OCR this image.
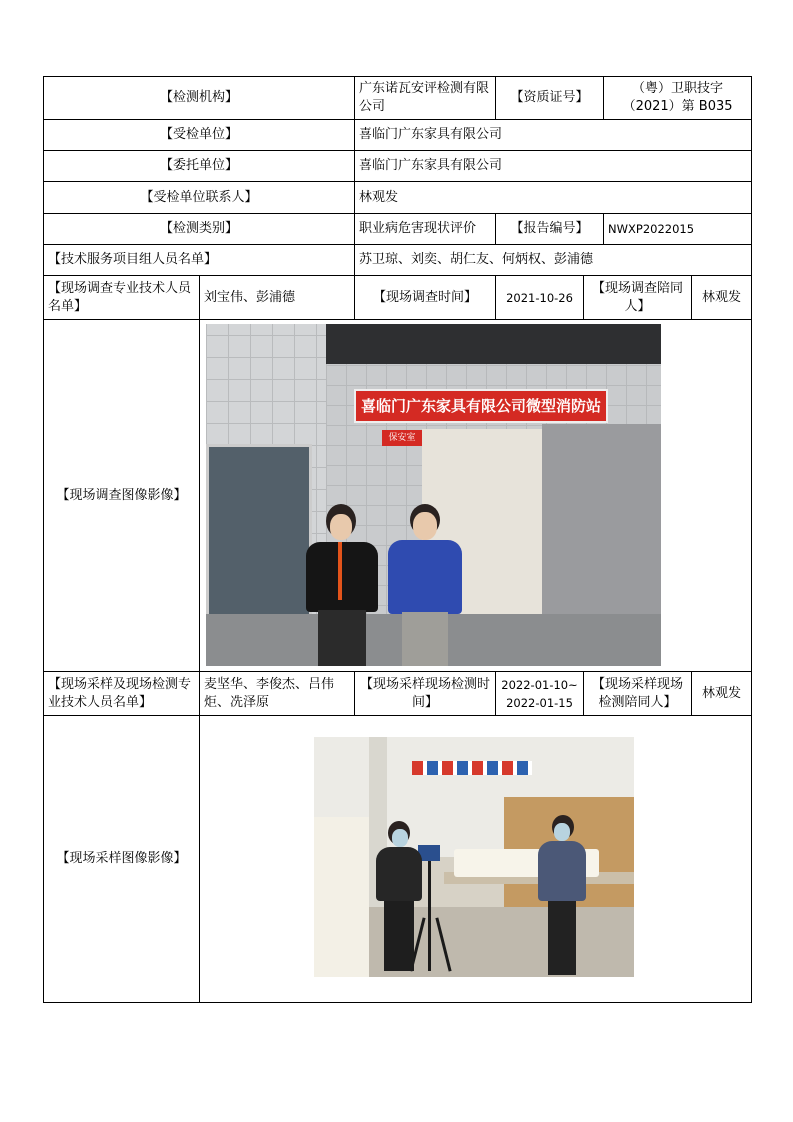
【检测机构】		广东诺瓦安评检测有限公司	【资质证号】		（粤）卫职技字（2021）第 B035	
【受检单位】		喜临门广东家具有限公司				
【委托单位】		喜临门广东家具有限公司				
【受检单位联系人】		林观发				
【检测类别】		职业病危害现状评价	【报告编号】		NWXP2022015	
【技术服务项目组人员名单】		苏卫琼、刘奕、胡仁友、何炳权、彭浦德				
【现场调查专业技术人员名单】	刘宝伟、彭浦德	【现场调查时间】	2021-10-26	【现场调查陪同人】		林观发
【现场调查图像影像】	喜临门广东家具有限公司微型消防站
保安室					

【现场采样及现场检测专业技术人员名单】	麦坚华、李俊杰、吕伟炬、冼泽原	【现场采样现场检测时间】	2022-01-10~
2022-01-15	【现场采样现场检测陪同人】		林观发
【现场采样图像影像】						
